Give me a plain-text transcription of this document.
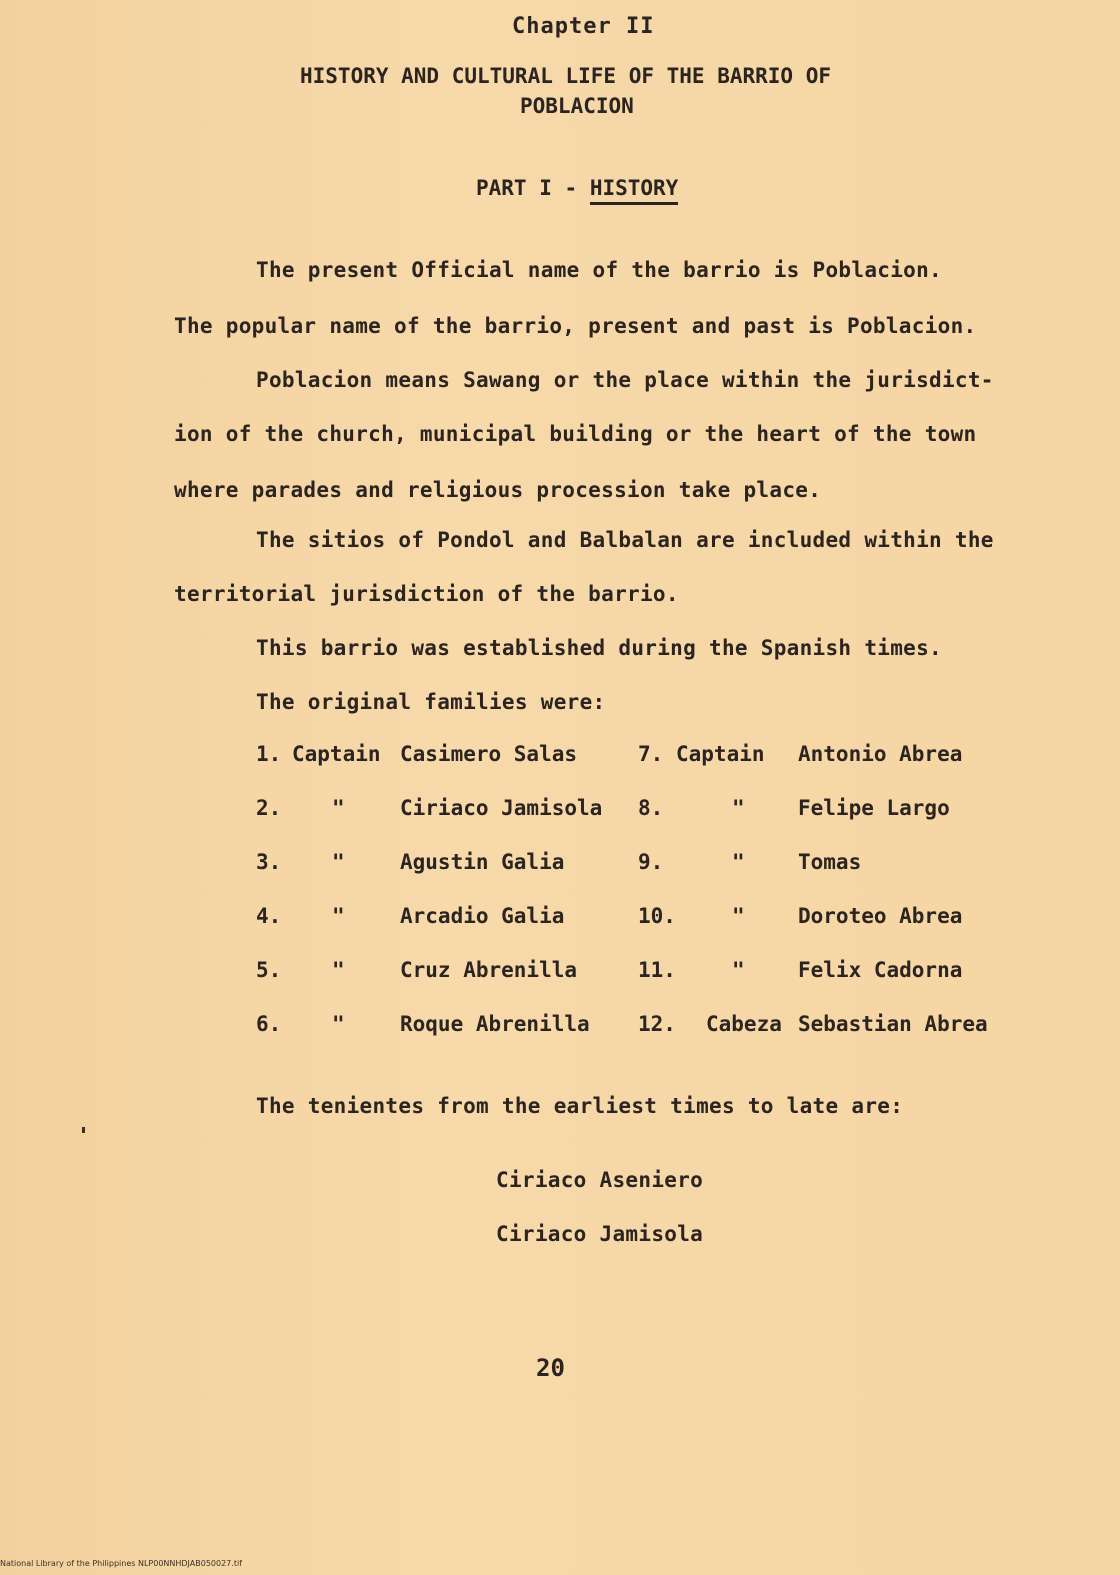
Chapter II
HISTORY AND CULTURAL LIFE OF THE BARRIO OF
POBLACION
PART I - HISTORY
The present Official name of the barrio is Poblacion.
The popular name of the barrio, present and past is Poblacion.
Poblacion means Sawang or the place within the jurisdict-
ion of the church, municipal building or the heart of the town
where parades and religious procession take place.
The sitios of Pondol and Balbalan are included within the
territorial jurisdiction of the barrio.
This barrio was established during the Spanish times.
The original families were:
1. Captain Casimero Salas	7. Captain Antonio Abrea
2. "	Ciriaco Jamisola 8.	"	Felipe Largo
3. "	Agustin Galia	9.	"	Tomas
4. "	Arcadio Galia	10.	"	Doroteo Abrea
5. "	Cruz Abrenilla	11.	"	Felix Cadorna
6. "	Roque Abrenilla 12. Cabeza Sebastian Abrea
The tenientes from the earliest times to late are:
Ciriaco Aseniero
Ciriaco Jamisola
20
National Library of the Philippines NLP00NNHDJAB050027.tif
